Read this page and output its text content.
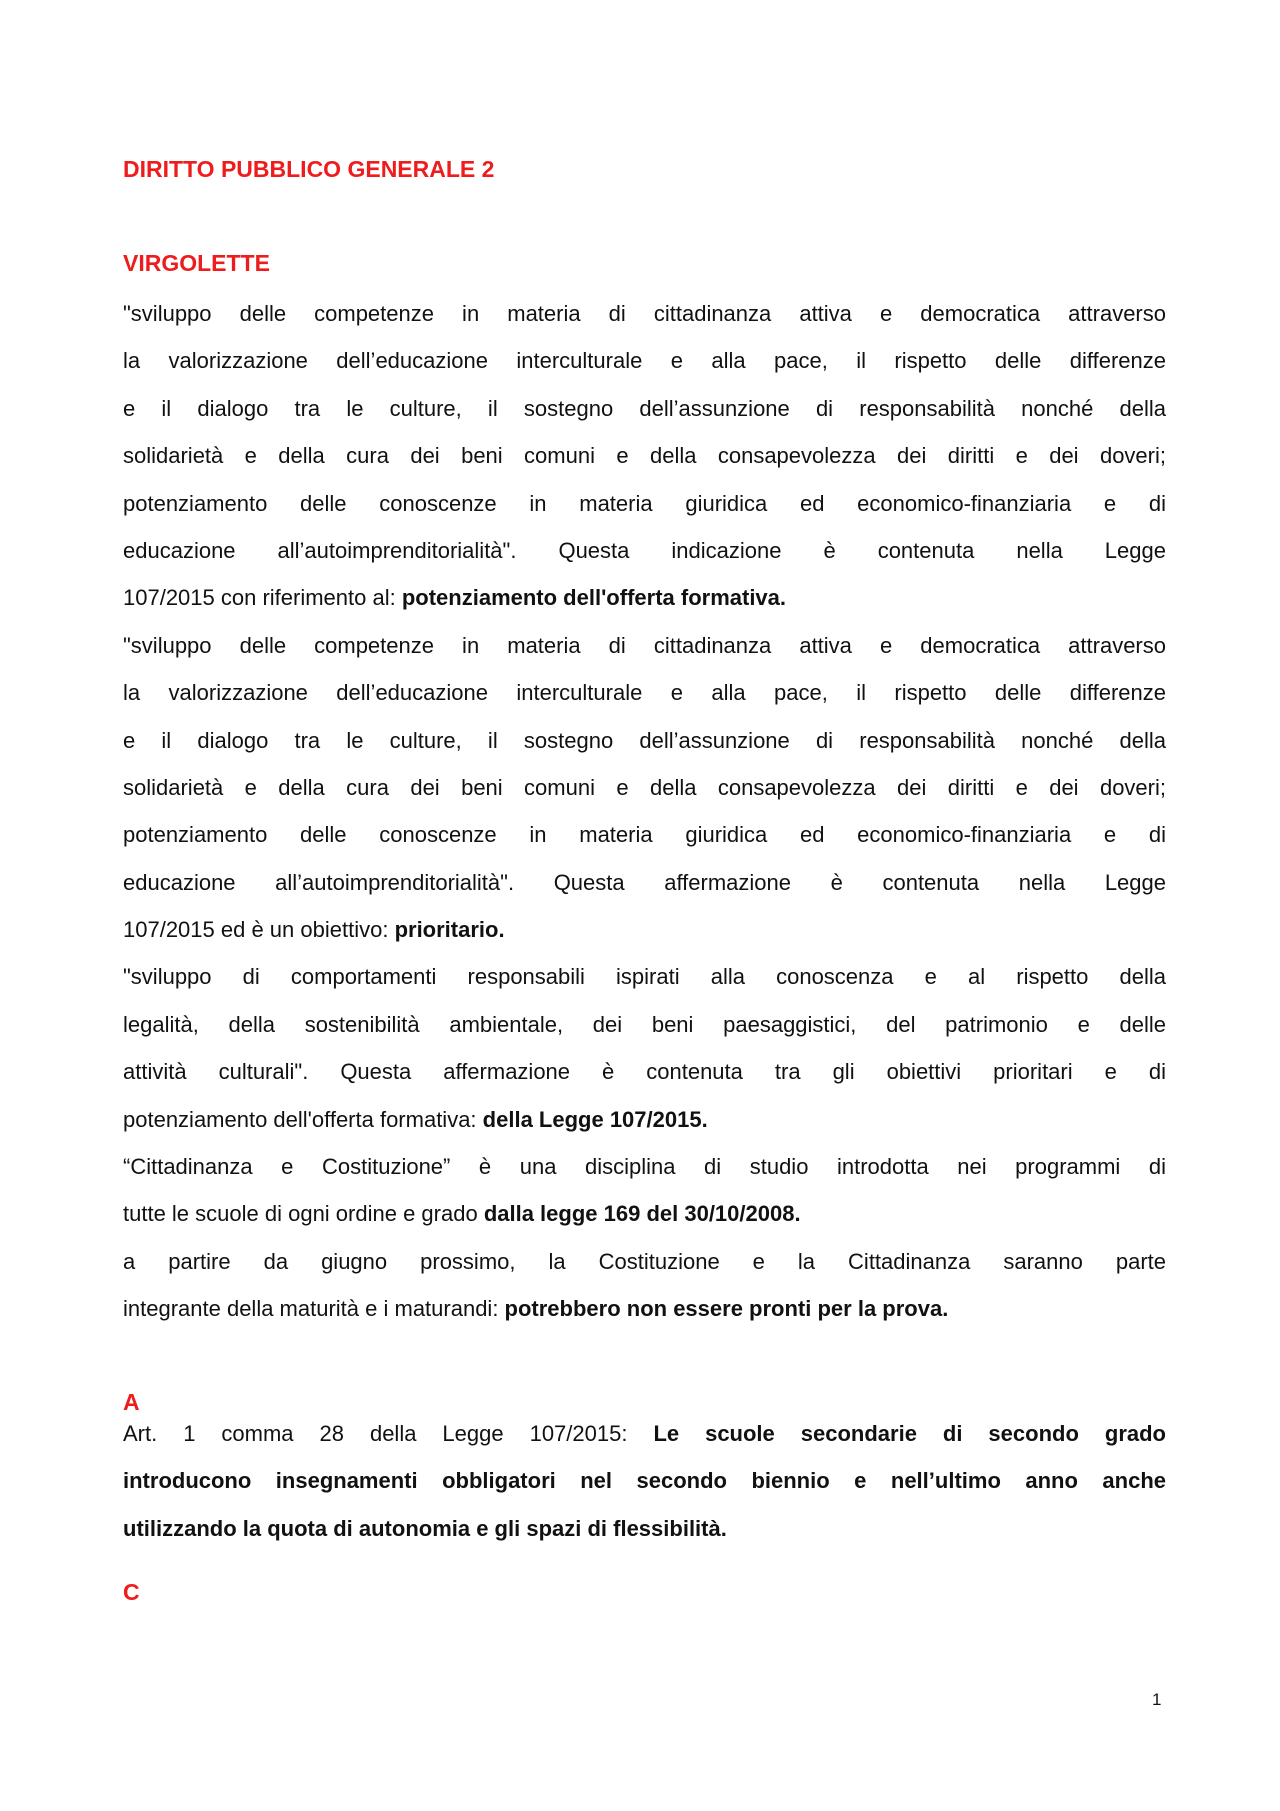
DIRITTO PUBBLICO GENERALE 2
VIRGOLETTE
"sviluppo delle competenze in materia di cittadinanza attiva e democratica attraverso
la valorizzazione dell’educazione interculturale e alla pace, il rispetto delle differenze
e il dialogo tra le culture, il sostegno dell’assunzione di responsabilità nonché della
solidarietà e della cura dei beni comuni e della consapevolezza dei diritti e dei doveri;
potenziamento delle conoscenze in materia giuridica ed economico-finanziaria e di
educazione all’autoimprenditorialità". Questa indicazione è contenuta nella Legge
107/2015 con riferimento al: potenziamento dell'offerta formativa.
"sviluppo delle competenze in materia di cittadinanza attiva e democratica attraverso
la valorizzazione dell’educazione interculturale e alla pace, il rispetto delle differenze
e il dialogo tra le culture, il sostegno dell’assunzione di responsabilità nonché della
solidarietà e della cura dei beni comuni e della consapevolezza dei diritti e dei doveri;
potenziamento delle conoscenze in materia giuridica ed economico-finanziaria e di
educazione all’autoimprenditorialità". Questa affermazione è contenuta nella Legge
107/2015 ed è un obiettivo: prioritario.
"sviluppo di comportamenti responsabili ispirati alla conoscenza e al rispetto della
legalità, della sostenibilità ambientale, dei beni paesaggistici, del patrimonio e delle
attività culturali". Questa affermazione è contenuta tra gli obiettivi prioritari e di
potenziamento dell'offerta formativa: della Legge 107/2015.
“Cittadinanza e Costituzione” è una disciplina di studio introdotta nei programmi di
tutte le scuole di ogni ordine e grado dalla legge 169 del 30/10/2008.
a partire da giugno prossimo, la Costituzione e la Cittadinanza saranno parte
integrante della maturità e i maturandi: potrebbero non essere pronti per la prova.
A
Art. 1 comma 28 della Legge 107/2015: Le scuole secondarie di secondo grado
introducono insegnamenti obbligatori nel secondo biennio e nell’ultimo anno anche
utilizzando la quota di autonomia e gli spazi di flessibilità.
C
1
